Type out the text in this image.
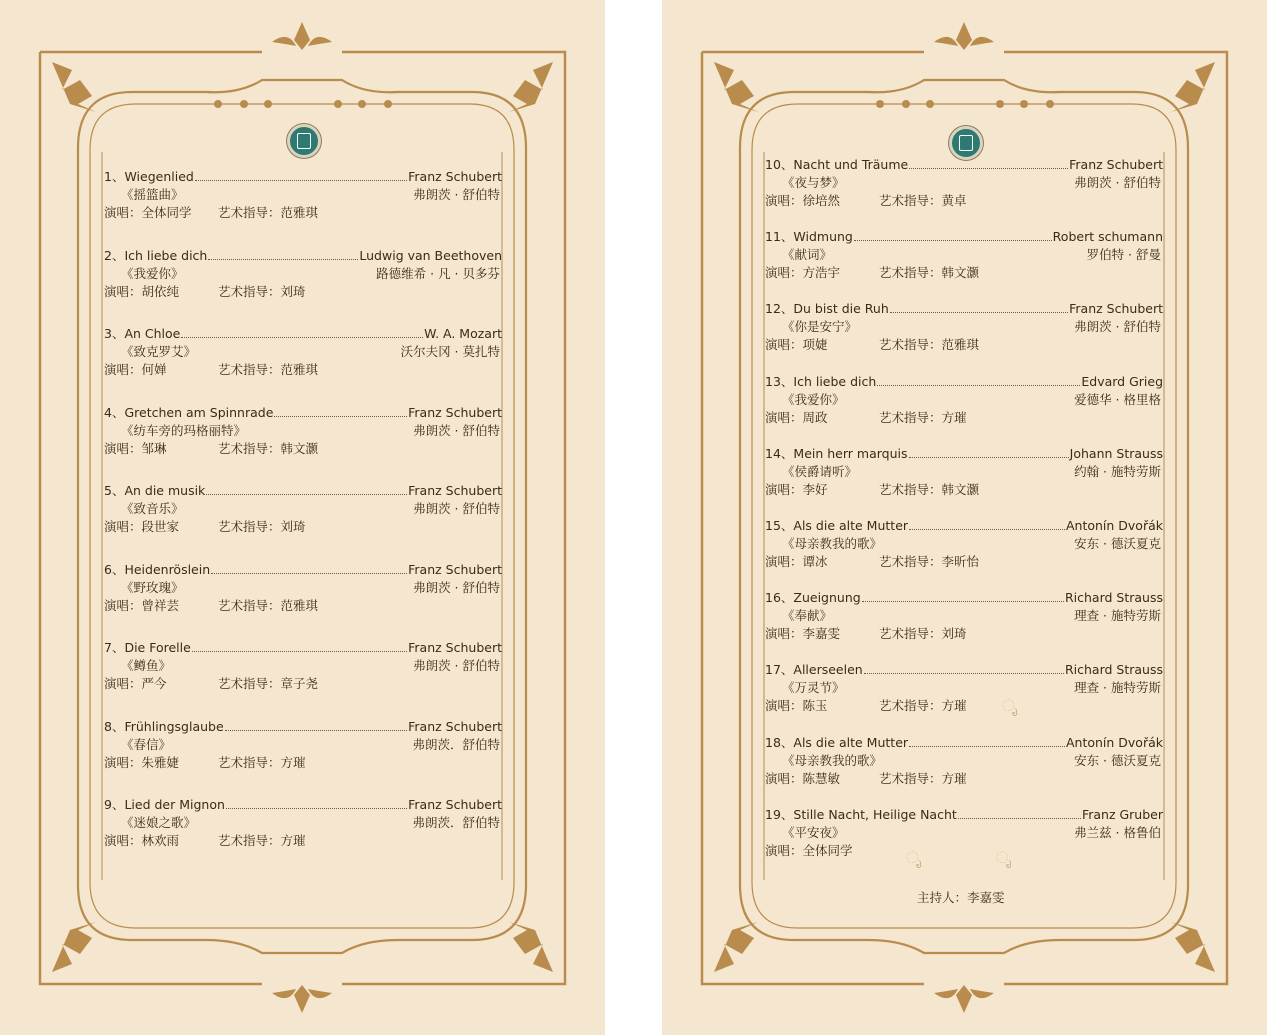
1、Wiegenlied	Franz Schubert
《摇篮曲》	弗朗茨 · 舒伯特
演唱：全体同学 艺术指导：范雅琪
2、Ich liebe dich	Ludwig van Beethoven
《我爱你》	路德维希 · 凡 · 贝多芬
演唱：胡依纯	艺术指导：刘琦
3、An Chloe	W. A. Mozart
《致克罗艾》	沃尔夫冈 · 莫扎特
演唱：何婵	艺术指导：范雅琪
4、Gretchen am Spinnrade	Franz Schubert
《纺车旁的玛格丽特》	弗朗茨 · 舒伯特
演唱：邹琳	艺术指导：韩文灏
5、An die musik	Franz Schubert
《致音乐》	弗朗茨 · 舒伯特
演唱：段世家	艺术指导：刘琦
6、Heidenröslein	Franz Schubert
《野玫瑰》	弗朗茨 · 舒伯特
演唱：曾祥芸	艺术指导：范雅琪
7、Die Forelle	Franz Schubert
《鳟鱼》	弗朗茨 · 舒伯特
演唱：严今	艺术指导：章子尧
8、Frühlingsglaube	Franz Schubert
《春信》	弗朗茨．舒伯特
演唱：朱雅婕	艺术指导：方璀
9、Lied der Mignon	Franz Schubert
《迷娘之歌》	弗朗茨．舒伯特
演唱：林欢雨	艺术指导：方璀
10、Nacht und Träume	Franz Schubert
《夜与梦》	弗朗茨 · 舒伯特
演唱：徐培然	艺术指导：黄卓
11、Widmung	Robert schumann
《献词》	罗伯特 · 舒曼
演唱：方浩宇	艺术指导：韩文灏
12、Du bist die Ruh	Franz Schubert
《你是安宁》	弗朗茨 · 舒伯特
演唱：项婕	艺术指导：范雅琪
13、Ich liebe dich	Edvard Grieg
《我爱你》	爱德华 · 格里格
演唱：周政	艺术指导：方璀
14、Mein herr marquis	Johann Strauss
《侯爵请听》	约翰 · 施特劳斯
演唱：李好	艺术指导：韩文灏
15、Als die alte Mutter	Antonín Dvořák
《母亲教我的歌》	安东 · 德沃夏克
演唱：谭冰	艺术指导：李昕怡
16、Zueignung	Richard Strauss
《奉献》	理查 · 施特劳斯
演唱：李嘉雯	艺术指导：刘琦
17、Allerseelen	Richard Strauss
《万灵节》	理查 · 施特劳斯
演唱：陈玉	艺术指导：方璀
18、Als die alte Mutter	Antonín Dvořák
《母亲教我的歌》	安东 · 德沃夏克
演唱：陈慧敏	艺术指导：方璀
19、Stille Nacht, Heilige Nacht	Franz Gruber
《平安夜》	弗兰兹 · 格鲁伯
演唱：全体同学
ೃ
ೃ	ೃ
主持人：李嘉雯
